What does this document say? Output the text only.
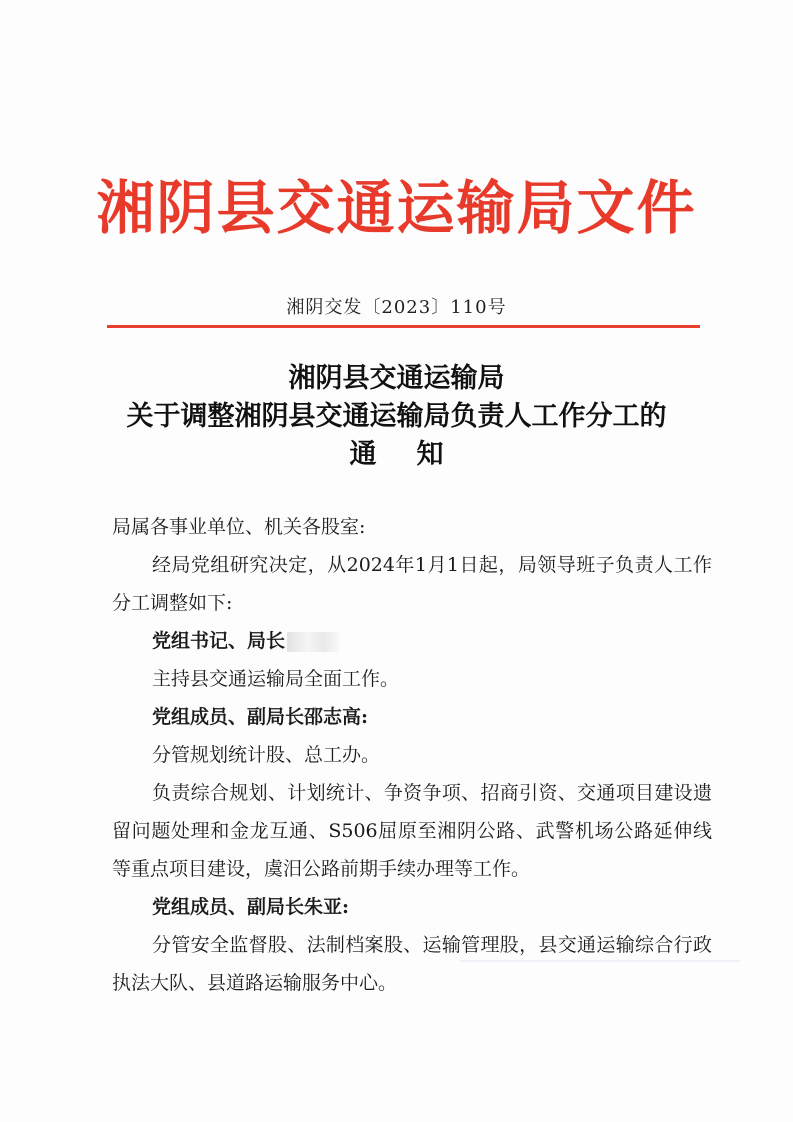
湘阴县交通运输局文件
湘阴交发〔2023〕110号
湘阴县交通运输局
关于调整湘阴县交通运输局负责人工作分工的
通知

局属各事业单位、机关各股室:

经局党组研究决定，从2024年1月1日起，局领导班子负责人工作分工调整如下:

党组书记、局长

主持县交通运输局全面工作。

党组成员、副局长邵志高:

分管规划统计股、总工办。

负责综合规划、计划统计、争资争项、招商引资、交通项目建设遗留问题处理和金龙互通、S506屈原至湘阴公路、武警机场公路延伸线等重点项目建设，虞汨公路前期手续办理等工作。

党组成员、副局长朱亚:

分管安全监督股、法制档案股、运输管理股，县交通运输综合行政执法大队、县道路运输服务中心。
